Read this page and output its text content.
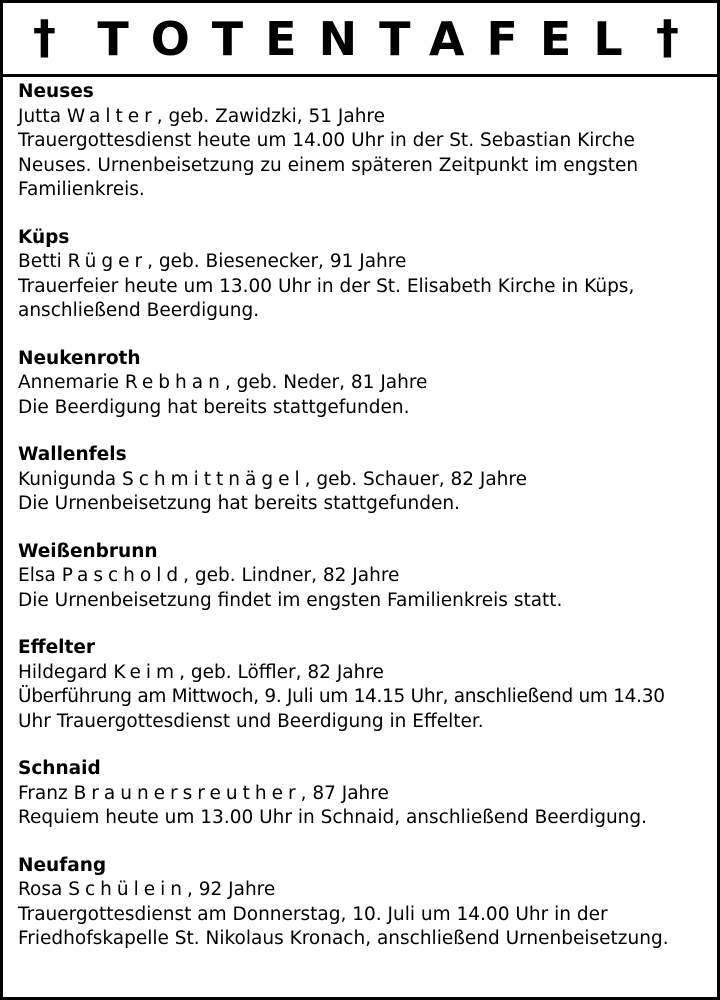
† TOTENTAFEL †
Neuses
Jutta Walter, geb. Zawidzki, 51 Jahre
Trauergottesdienst heute um 14.00 Uhr in der St. Sebastian Kirche
Neuses. Urnenbeisetzung zu einem späteren Zeitpunkt im engsten
Familienkreis.
Küps
Betti Rüger, geb. Biesenecker, 91 Jahre
Trauerfeier heute um 13.00 Uhr in der St. Elisabeth Kirche in Küps,
anschließend Beerdigung.
Neukenroth
Annemarie Rebhan, geb. Neder, 81 Jahre
Die Beerdigung hat bereits stattgefunden.
Wallenfels
Kunigunda Schmittnägel, geb. Schauer, 82 Jahre
Die Urnenbeisetzung hat bereits stattgefunden.
Weißenbrunn
Elsa Paschold, geb. Lindner, 82 Jahre
Die Urnenbeisetzung findet im engsten Familienkreis statt.
Effelter
Hildegard Keim, geb. Löffler, 82 Jahre
Überführung am Mittwoch, 9. Juli um 14.15 Uhr, anschließend um 14.30
Uhr Trauergottesdienst und Beerdigung in Effelter.
Schnaid
Franz Braunersreuther, 87 Jahre
Requiem heute um 13.00 Uhr in Schnaid, anschließend Beerdigung.
Neufang
Rosa Schülein, 92 Jahre
Trauergottesdienst am Donnerstag, 10. Juli um 14.00 Uhr in der
Friedhofskapelle St. Nikolaus Kronach, anschließend Urnenbeisetzung.
